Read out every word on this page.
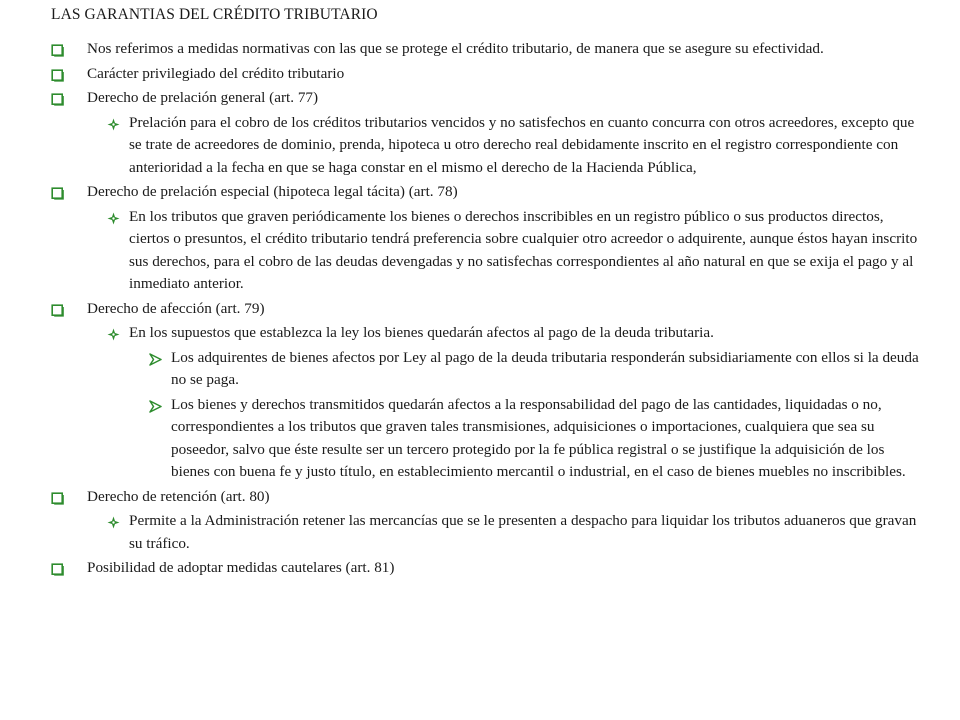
LAS GARANTIAS DEL CRÉDITO TRIBUTARIO
Nos referimos a medidas normativas con las que se protege el crédito tributario, de manera que se asegure su efectividad.
Carácter privilegiado del crédito tributario
Derecho de prelación general (art. 77)
Prelación para el cobro de los créditos tributarios vencidos y no satisfechos en cuanto concurra con otros acreedores, excepto que se trate de acreedores de dominio, prenda, hipoteca u otro derecho real debidamente inscrito en el registro correspondiente con anterioridad a la fecha en que se haga constar en el mismo el derecho de la Hacienda Pública,
Derecho de prelación especial (hipoteca legal tácita) (art. 78)
En los tributos que graven periódicamente los bienes o derechos inscribibles en un registro público o sus productos directos, ciertos o presuntos, el crédito tributario tendrá preferencia sobre cualquier otro acreedor o adquirente, aunque éstos hayan inscrito sus derechos, para el cobro de las deudas devengadas y no satisfechas correspondientes al año natural en que se exija el pago y al inmediato anterior.
Derecho de afección (art. 79)
En los supuestos que establezca la ley los bienes quedarán afectos al pago de la deuda tributaria.
Los adquirentes de bienes afectos por Ley al pago de la deuda tributaria responderán subsidiariamente con ellos si la deuda no se paga.
Los bienes y derechos transmitidos quedarán afectos a la responsabilidad del pago de las cantidades, liquidadas o no, correspondientes a los tributos que graven tales transmisiones, adquisiciones o importaciones, cualquiera que sea su poseedor, salvo que éste resulte ser un tercero protegido por la fe pública registral o se justifique la adquisición de los bienes con buena fe y justo título, en establecimiento mercantil o industrial, en el caso de bienes muebles no inscribibles.
Derecho de retención (art. 80)
Permite a la Administración retener las mercancías que se le presenten a despacho para liquidar los tributos aduaneros que gravan su tráfico.
Posibilidad de adoptar medidas cautelares (art. 81)
